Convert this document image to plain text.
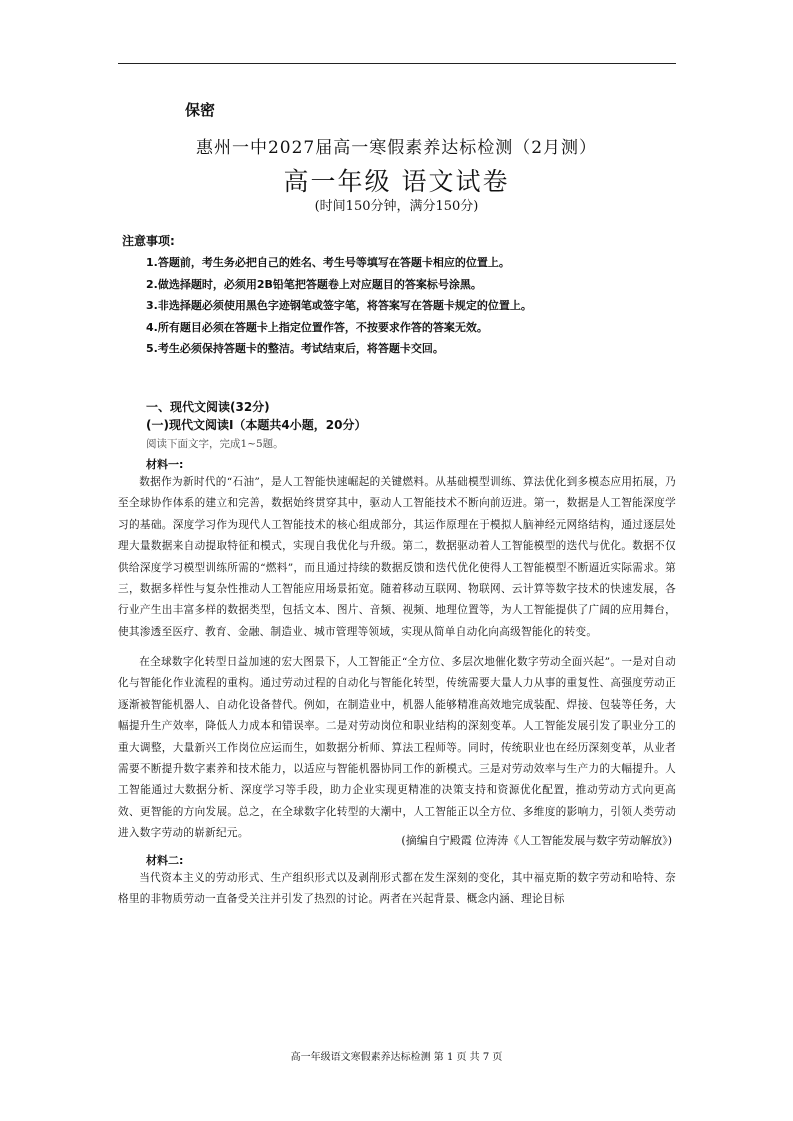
保密
惠州一中2027届高一寒假素养达标检测（2月测）
高一年级 语文试卷
(时间150分钟，满分150分)
注意事项:
1.答题前，考生务必把自己的姓名、考生号等填写在答题卡相应的位置上。
2.做选择题时，必须用2B铅笔把答题卷上对应题目的答案标号涂黑。
3.非选择题必须使用黑色字迹钢笔或签字笔，将答案写在答题卡规定的位置上。
4.所有题目必须在答题卡上指定位置作答，不按要求作答的答案无效。
5.考生必须保持答题卡的整洁。考试结束后，将答题卡交回。
一、现代文阅读(32分)
(一)现代文阅读Ⅰ（本题共4小题，20分）
阅读下面文字，完成1~5题。
材料一:

数据作为新时代的“石油”，是人工智能快速崛起的关键燃料。从基础模型训练、算法优化到多模态应用拓展，乃至全球协作体系的建立和完善，数据始终贯穿其中，驱动人工智能技术不断向前迈进。第一，数据是人工智能深度学习的基础。深度学习作为现代人工智能技术的核心组成部分，其运作原理在于模拟人脑神经元网络结构，通过逐层处理大量数据来自动提取特征和模式，实现自我优化与升级。第二，数据驱动着人工智能模型的迭代与优化。数据不仅供给深度学习模型训练所需的“燃料”，而且通过持续的数据反馈和迭代优化使得人工智能模型不断逼近实际需求。第三，数据多样性与复杂性推动人工智能应用场景拓宽。随着移动互联网、物联网、云计算等数字技术的快速发展，各行业产生出丰富多样的数据类型，包括文本、图片、音频、视频、地理位置等，为人工智能提供了广阔的应用舞台，使其渗透至医疗、教育、金融、制造业、城市管理等领域，实现从简单自动化向高级智能化的转变。

在全球数字化转型日益加速的宏大图景下，人工智能正“全方位、多层次地催化数字劳动全面兴起”。一是对自动化与智能化作业流程的重构。通过劳动过程的自动化与智能化转型，传统需要大量人力从事的重复性、高强度劳动正逐渐被智能机器人、自动化设备替代。例如，在制造业中，机器人能够精准高效地完成装配、焊接、包装等任务，大幅提升生产效率，降低人力成本和错误率。二是对劳动岗位和职业结构的深刻变革。人工智能发展引发了职业分工的重大调整，大量新兴工作岗位应运而生，如数据分析师、算法工程师等。同时，传统职业也在经历深刻变革，从业者需要不断提升数字素养和技术能力，以适应与智能机器协同工作的新模式。三是对劳动效率与生产力的大幅提升。人工智能通过大数据分析、深度学习等手段，助力企业实现更精准的决策支持和资源优化配置，推动劳动方式向更高效、更智能的方向发展。总之，在全球数字化转型的大潮中，人工智能正以全方位、多维度的影响力，引领人类劳动进入数字劳动的崭新纪元。

(摘编自宁殿霞 位涛涛《人工智能发展与数字劳动解放》)
材料二:

当代资本主义的劳动形式、生产组织形式以及剥削形式都在发生深刻的变化，其中福克斯的数字劳动和哈特、奈格里的非物质劳动一直备受关注并引发了热烈的讨论。两者在兴起背景、概念内涵、理论目标

高一年级语文寒假素养达标检测 第 1 页 共 7 页
